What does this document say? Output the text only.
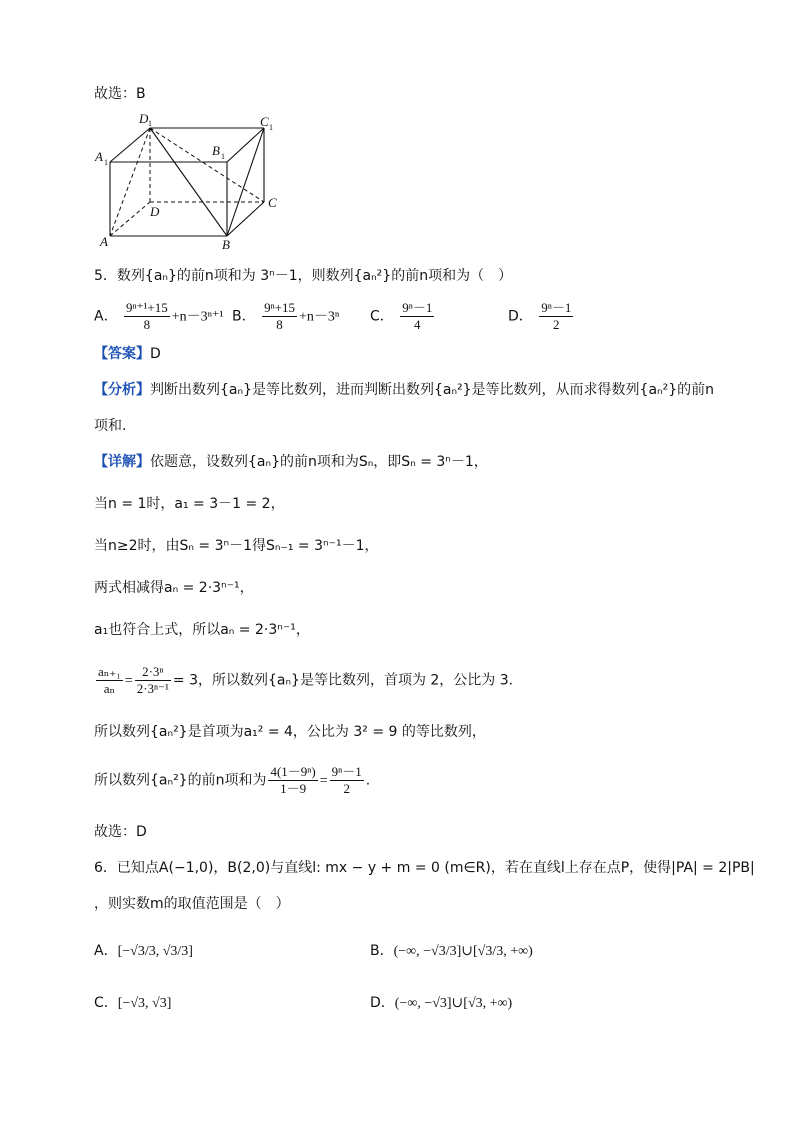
故选：B
D 1	C 1
A 1
B 1
D
C
A	B
5．数列{aₙ}的前n项和为 3ⁿ－1，则数列{aₙ²}的前n项和为（　）
A． $\frac{\text{9ⁿ⁺¹+15}}{8} +n-3^{n+1}$ B． $\frac{\text{9ⁿ+15}}{8} +n-3^n$ C． $\frac{\text{9ⁿ－1}}{4}$	D． $\frac{\text{9ⁿ－1}}{2}$
【答案】D
【分析】判断出数列{aₙ}是等比数列，进而判断出数列{aₙ²}是等比数列，从而求得数列{aₙ²}的前n
项和.
【详解】依题意，设数列{aₙ}的前n项和为Sₙ，即Sₙ = 3ⁿ－1，
当n = 1时，a₁ = 3－1 = 2，
当n≥2时，由Sₙ = 3ⁿ－1得Sₙ₋₁ = 3ⁿ⁻¹－1，
两式相减得aₙ = 2·3ⁿ⁻¹，
a₁也符合上式，所以aₙ = 2·3ⁿ⁻¹，
$\frac{\text{aₙ₊₁}}{\text{aₙ}} = \frac{\text{2·3ⁿ}}{\text{2·3ⁿ⁻¹}} = 3$，所以数列{aₙ}是等比数列，首项为 2，公比为 3.
所以数列{aₙ²}是首项为a₁² = 4，公比为 3² = 9 的等比数列，
所以数列{aₙ²}的前n项和为 $\frac{\text{4(1－9ⁿ)}}{1-9} = \frac{\text{9ⁿ－1}}{2}$ .
故选：D
6．已知点A(−1,0)，B(2,0)与直线l: mx − y + m = 0 (m∈R)，若在直线l上存在点P，使得|PA| = 2|PB|
，则实数m的取值范围是（　）
A．[−√3/3, √3/3]	B．(−∞, −√3/3]∪[√3/3, +∞)
C．[−√3, √3]	D．(−∞, −√3]∪[√3, +∞)
